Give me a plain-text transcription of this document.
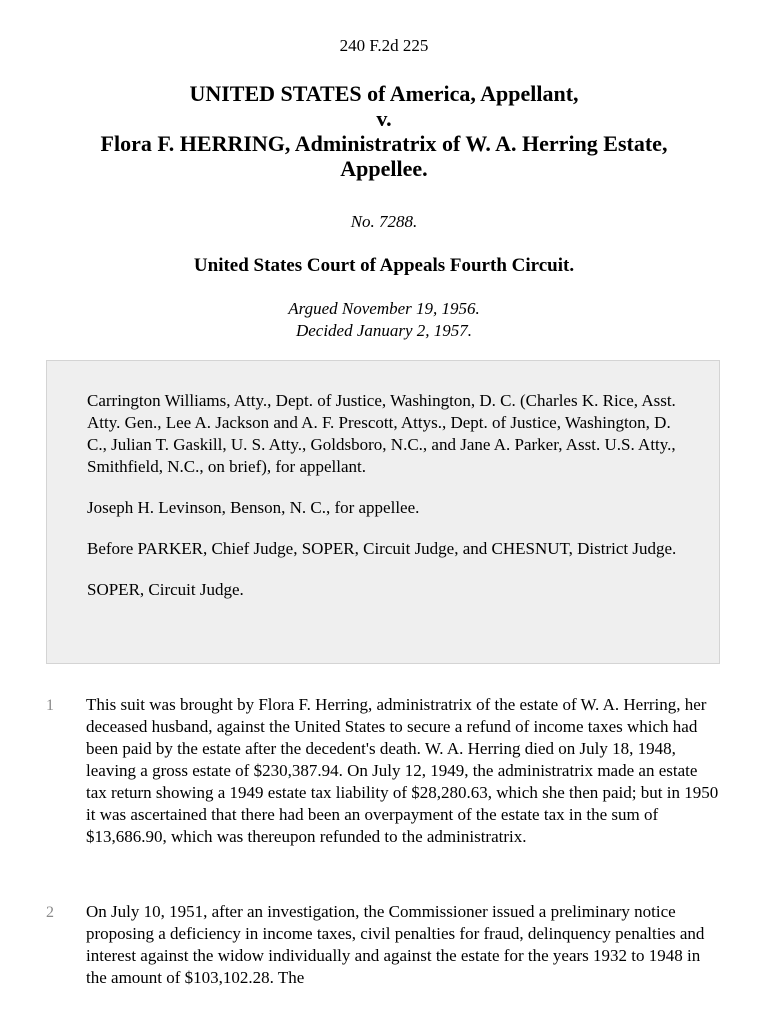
240 F.2d 225
UNITED STATES of America, Appellant,
v.
Flora F. HERRING, Administratrix of W. A. Herring Estate,
Appellee.
No. 7288.
United States Court of Appeals Fourth Circuit.
Argued November 19, 1956.
Decided January 2, 1957.

Carrington Williams, Atty., Dept. of Justice, Washington, D. C. (Charles K. Rice, Asst. Atty. Gen., Lee A. Jackson and A. F. Prescott, Attys., Dept. of Justice, Washington, D. C., Julian T. Gaskill, U. S. Atty., Goldsboro, N.C., and Jane A. Parker, Asst. U.S. Atty., Smithfield, N.C., on brief), for appellant.

Joseph H. Levinson, Benson, N. C., for appellee.

Before PARKER, Chief Judge, SOPER, Circuit Judge, and CHESNUT, District Judge.

SOPER, Circuit Judge.

1 This suit was brought by Flora F. Herring, administratrix of the estate of W. A. Herring, her deceased husband, against the United States to secure a refund of income taxes which had been paid by the estate after the decedent's death. W. A. Herring died on July 18, 1948, leaving a gross estate of $230,387.94. On July 12, 1949, the administratrix made an estate tax return showing a 1949 estate tax liability of $28,280.63, which she then paid; but in 1950 it was ascertained that there had been an overpayment of the estate tax in the sum of $13,686.90, which was thereupon refunded to the administratrix.

2 On July 10, 1951, after an investigation, the Commissioner issued a preliminary notice proposing a deficiency in income taxes, civil penalties for fraud, delinquency penalties and interest against the widow individually and against the estate for the years 1932 to 1948 in the amount of $103,102.28. The
